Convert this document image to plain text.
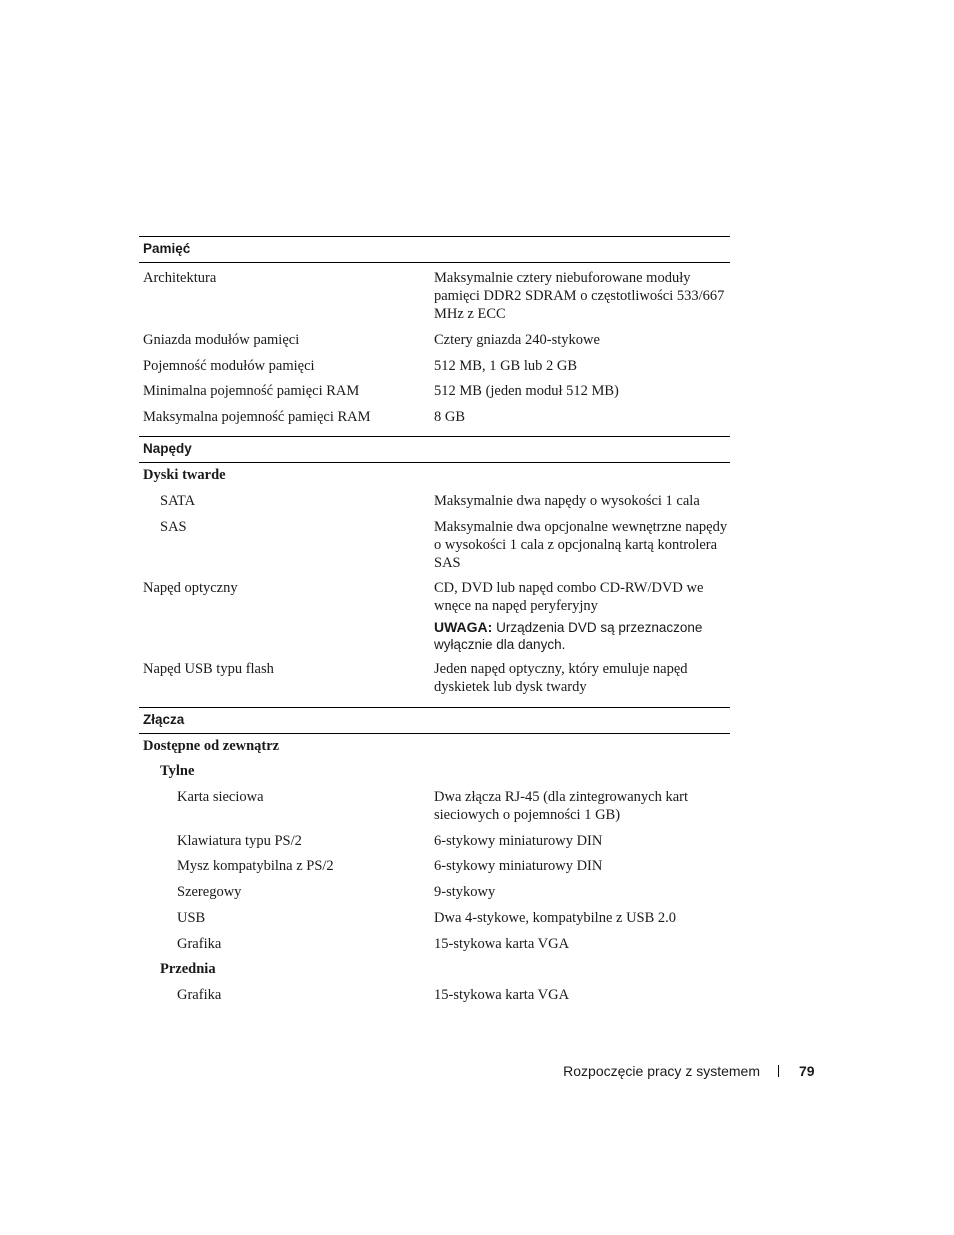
Pamięć
Architektura	Maksymalnie cztery niebuforowane moduły pamięci DDR2 SDRAM o częstotliwości 533/667 MHz z ECC
Gniazda modułów pamięci	Cztery gniazda 240-stykowe
Pojemność modułów pamięci	512 MB, 1 GB lub 2 GB
Minimalna pojemność pamięci RAM	512 MB (jeden moduł 512 MB)
Maksymalna pojemność pamięci RAM	8 GB
Napędy
Dyski twarde
SATA	Maksymalnie dwa napędy o wysokości 1 cala
SAS	Maksymalnie dwa opcjonalne wewnętrzne napędy o wysokości 1 cala z opcjonalną kartą kontrolera SAS
Napęd optyczny	CD, DVD lub napęd combo CD-RW/DVD we wnęce na napęd peryferyjny
UWAGA: Urządzenia DVD są przeznaczone wyłącznie dla danych.
Napęd USB typu flash	Jeden napęd optyczny, który emuluje napęd dyskietek lub dysk twardy
Złącza
Dostępne od zewnątrz
Tylne
Karta sieciowa	Dwa złącza RJ-45 (dla zintegrowanych kart sieciowych o pojemności 1 GB)
Klawiatura typu PS/2	6-stykowy miniaturowy DIN
Mysz kompatybilna z PS/2	6-stykowy miniaturowy DIN
Szeregowy	9-stykowy
USB	Dwa 4-stykowe, kompatybilne z USB 2.0
Grafika	15-stykowa karta VGA
Przednia
Grafika	15-stykowa karta VGA
Rozpoczęcie pracy z systemem	79
